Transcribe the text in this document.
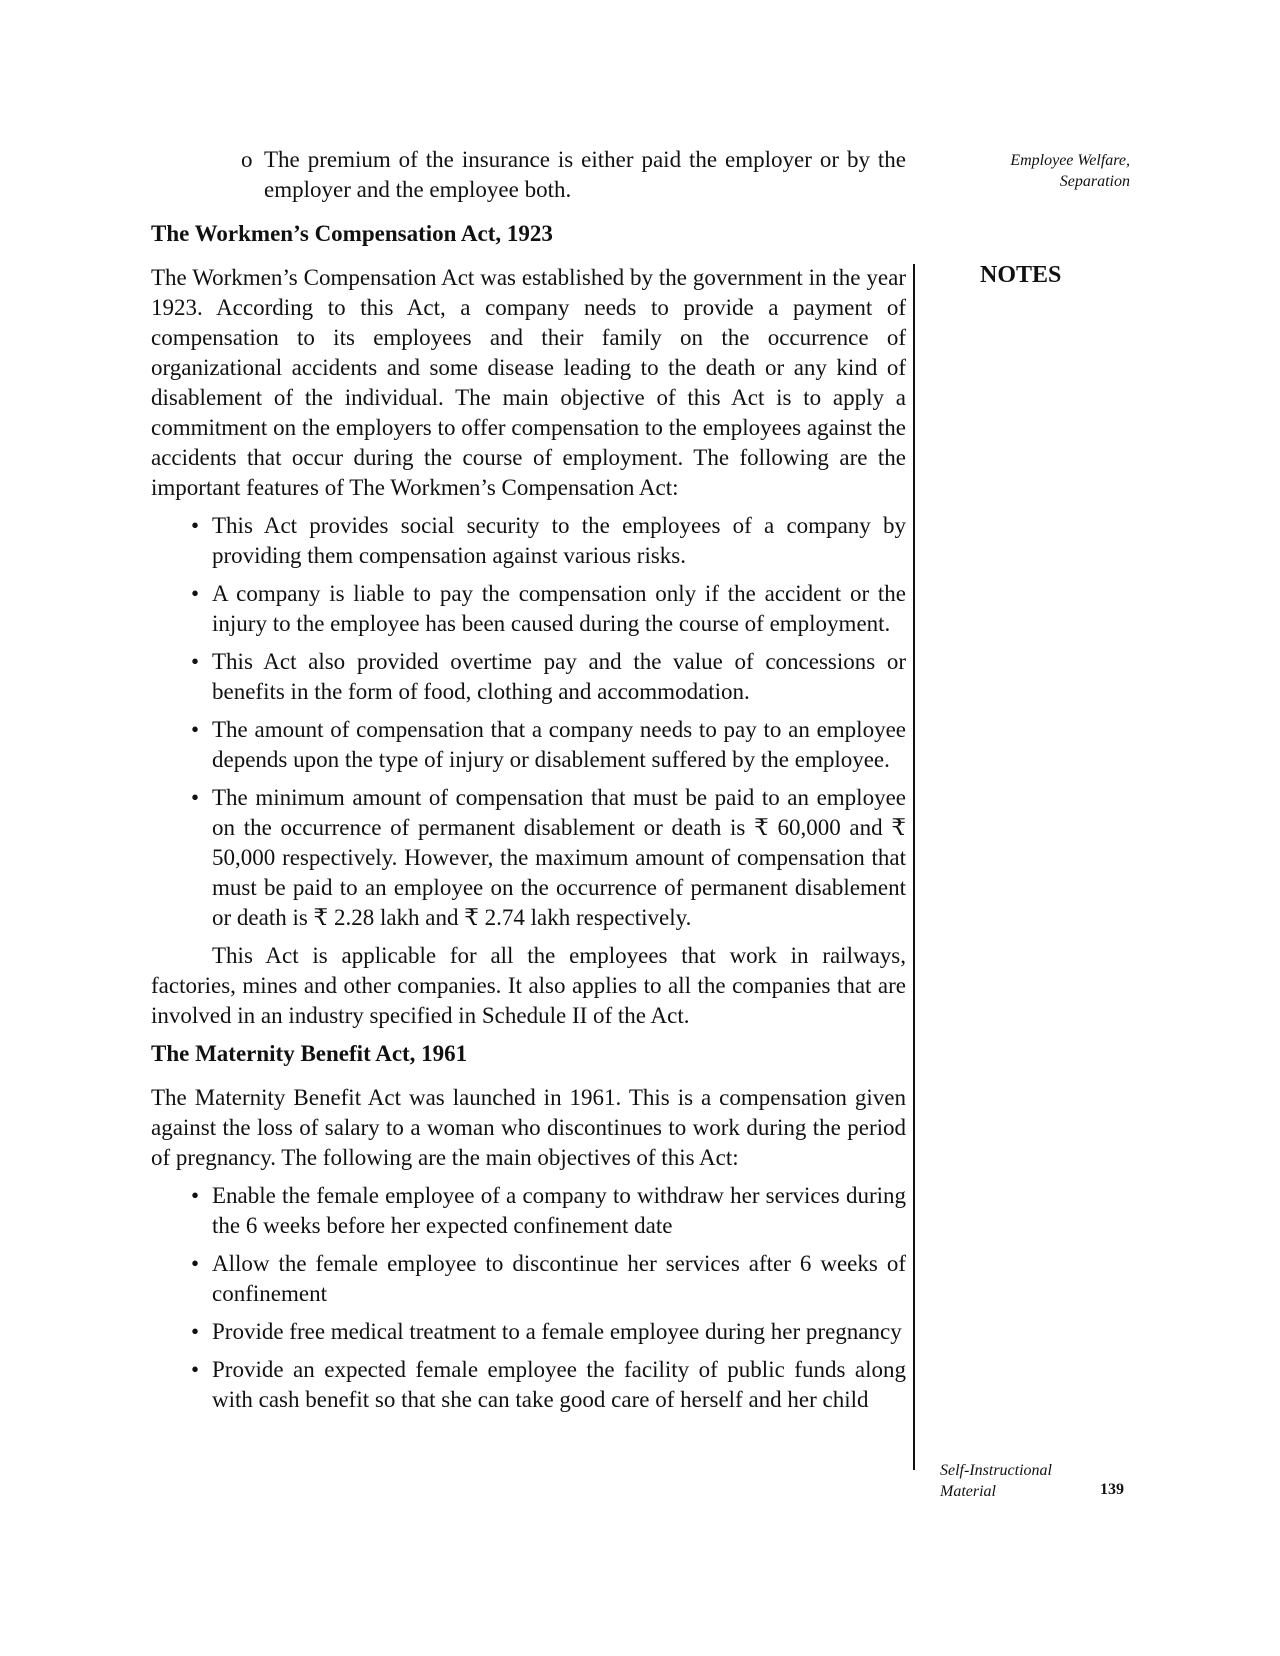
Employee Welfare,
Separation
NOTES
o The premium of the insurance is either paid the employer or by the employer and the employee both.
The Workmen’s Compensation Act, 1923

The Workmen’s Compensation Act was established by the government in the year 1923. According to this Act, a company needs to provide a payment of compensation to its employees and their family on the occurrence of organizational accidents and some disease leading to the death or any kind of disablement of the individual. The main objective of this Act is to apply a commitment on the employers to offer compensation to the employees against the accidents that occur during the course of employment. The following are the important features of The Workmen’s Compensation Act:

• This Act provides social security to the employees of a company by providing them compensation against various risks.
• A company is liable to pay the compensation only if the accident or the injury to the employee has been caused during the course of employment.
• This Act also provided overtime pay and the value of concessions or benefits in the form of food, clothing and accommodation.
• The amount of compensation that a company needs to pay to an employee depends upon the type of injury or disablement suffered by the employee.
• The minimum amount of compensation that must be paid to an employee on the occurrence of permanent disablement or death is ₹ 60,000 and ₹ 50,000 respectively. However, the maximum amount of compensation that must be paid to an employee on the occurrence of permanent disablement or death is ₹ 2.28 lakh and ₹ 2.74 lakh respectively.

This Act is applicable for all the employees that work in railways, factories, mines and other companies. It also applies to all the companies that are involved in an industry specified in Schedule II of the Act.

The Maternity Benefit Act, 1961

The Maternity Benefit Act was launched in 1961. This is a compensation given against the loss of salary to a woman who discontinues to work during the period of pregnancy. The following are the main objectives of this Act:

• Enable the female employee of a company to withdraw her services during the 6 weeks before her expected confinement date
• Allow the female employee to discontinue her services after 6 weeks of confinement
• Provide free medical treatment to a female employee during her pregnancy
• Provide an expected female employee the facility of public funds along with cash benefit so that she can take good care of herself and her child
Self-Instructional
Material	139
